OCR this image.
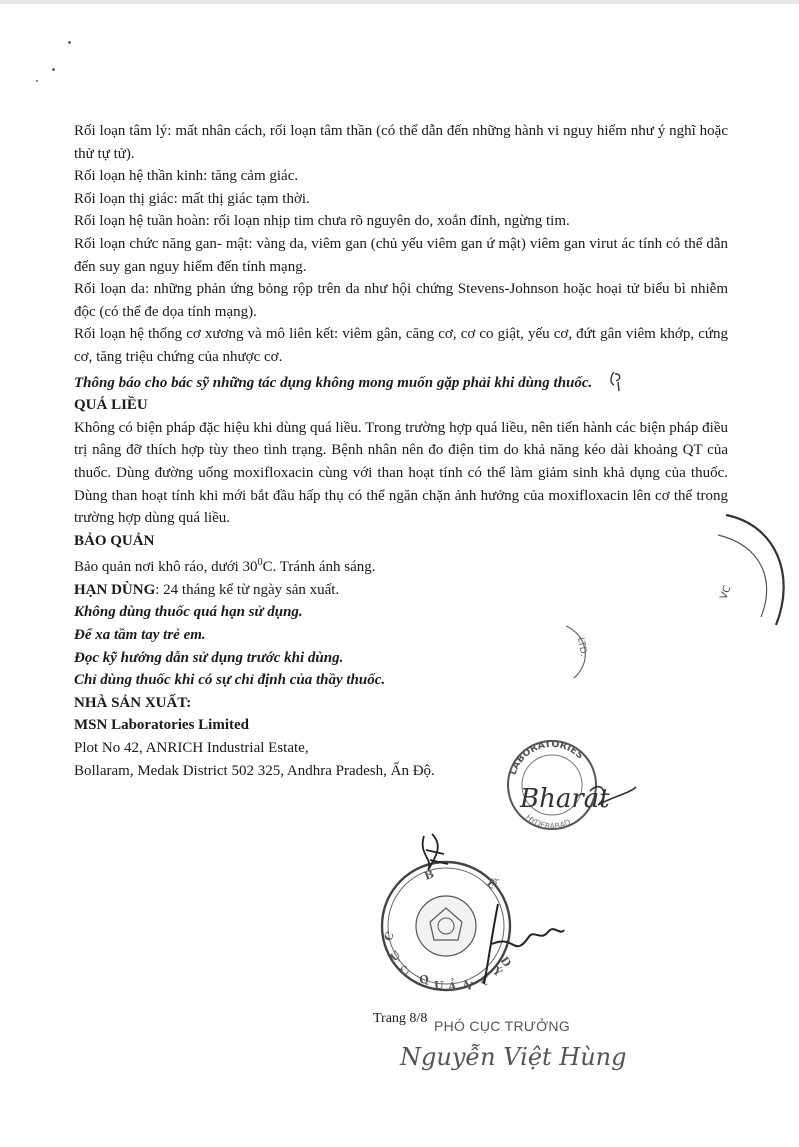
Rối loạn tâm lý: mất nhân cách, rối loạn tâm thần (có thể dẫn đến những hành vi nguy hiểm như ý nghĩ hoặc thử tự tử).

Rối loạn hệ thần kinh: tăng cảm giác.

Rối loạn thị giác: mất thị giác tạm thời.

Rối loạn hệ tuần hoàn: rối loạn nhịp tim chưa rõ nguyên do, xoắn đỉnh, ngừng tim.

Rối loạn chức năng gan- mật: vàng da, viêm gan (chủ yếu viêm gan ứ mật) viêm gan virut ác tính có thể dẫn đến suy gan nguy hiểm đến tính mạng.

Rối loạn da: những phản ứng bỏng rộp trên da như hội chứng Stevens-Johnson hoặc hoại tử biểu bì nhiễm độc (có thể đe dọa tính mạng).

Rối loạn hệ thống cơ xương và mô liên kết: viêm gân, căng cơ, cơ co giật, yếu cơ, đứt gân viêm khớp, cứng cơ, tăng triệu chứng của nhược cơ.

Thông báo cho bác sỹ những tác dụng không mong muốn gặp phải khi dùng thuốc.

QUÁ LIỀU

Không có biện pháp đặc hiệu khi dùng quá liều. Trong trường hợp quá liều, nên tiến hành các biện pháp điều trị nâng đỡ thích hợp tùy theo tình trạng. Bệnh nhân nên đo điện tim do khả năng kéo dài khoảng QT của thuốc. Dùng đường uống moxifloxacin cùng với than hoạt tính có thể làm giảm sinh khả dụng của thuốc. Dùng than hoạt tính khi mới bắt đầu hấp thụ có thể ngăn chặn ảnh hưởng của moxifloxacin lên cơ thể trong trường hợp dùng quá liều.

BẢO QUẢN

Bảo quản nơi khô ráo, dưới $30^0C$. Tránh ánh sáng.

HẠN DÙNG: 24 tháng kể từ ngày sản xuất.

Không dùng thuốc quá hạn sử dụng.

Để xa tầm tay trẻ em.

Đọc kỹ hướng dẫn sử dụng trước khi dùng.

Chỉ dùng thuốc khi có sự chỉ định của thầy thuốc.

NHÀ SẢN XUẤT:

MSN Laboratories Limited

Plot No 42, ANRICH Industrial Estate,

Bollaram, Medak District 502 325, Andhra Pradesh, Ấn Độ.

VC
LTD.
LABORATORIES
HYDERABAD
Bharat
C
Ụ
C
Q U Ả N L
Ý
D
B
Ế
Trang 8/8 PHÓ CỤC TRƯỞNG
Nguyễn Việt Hùng
